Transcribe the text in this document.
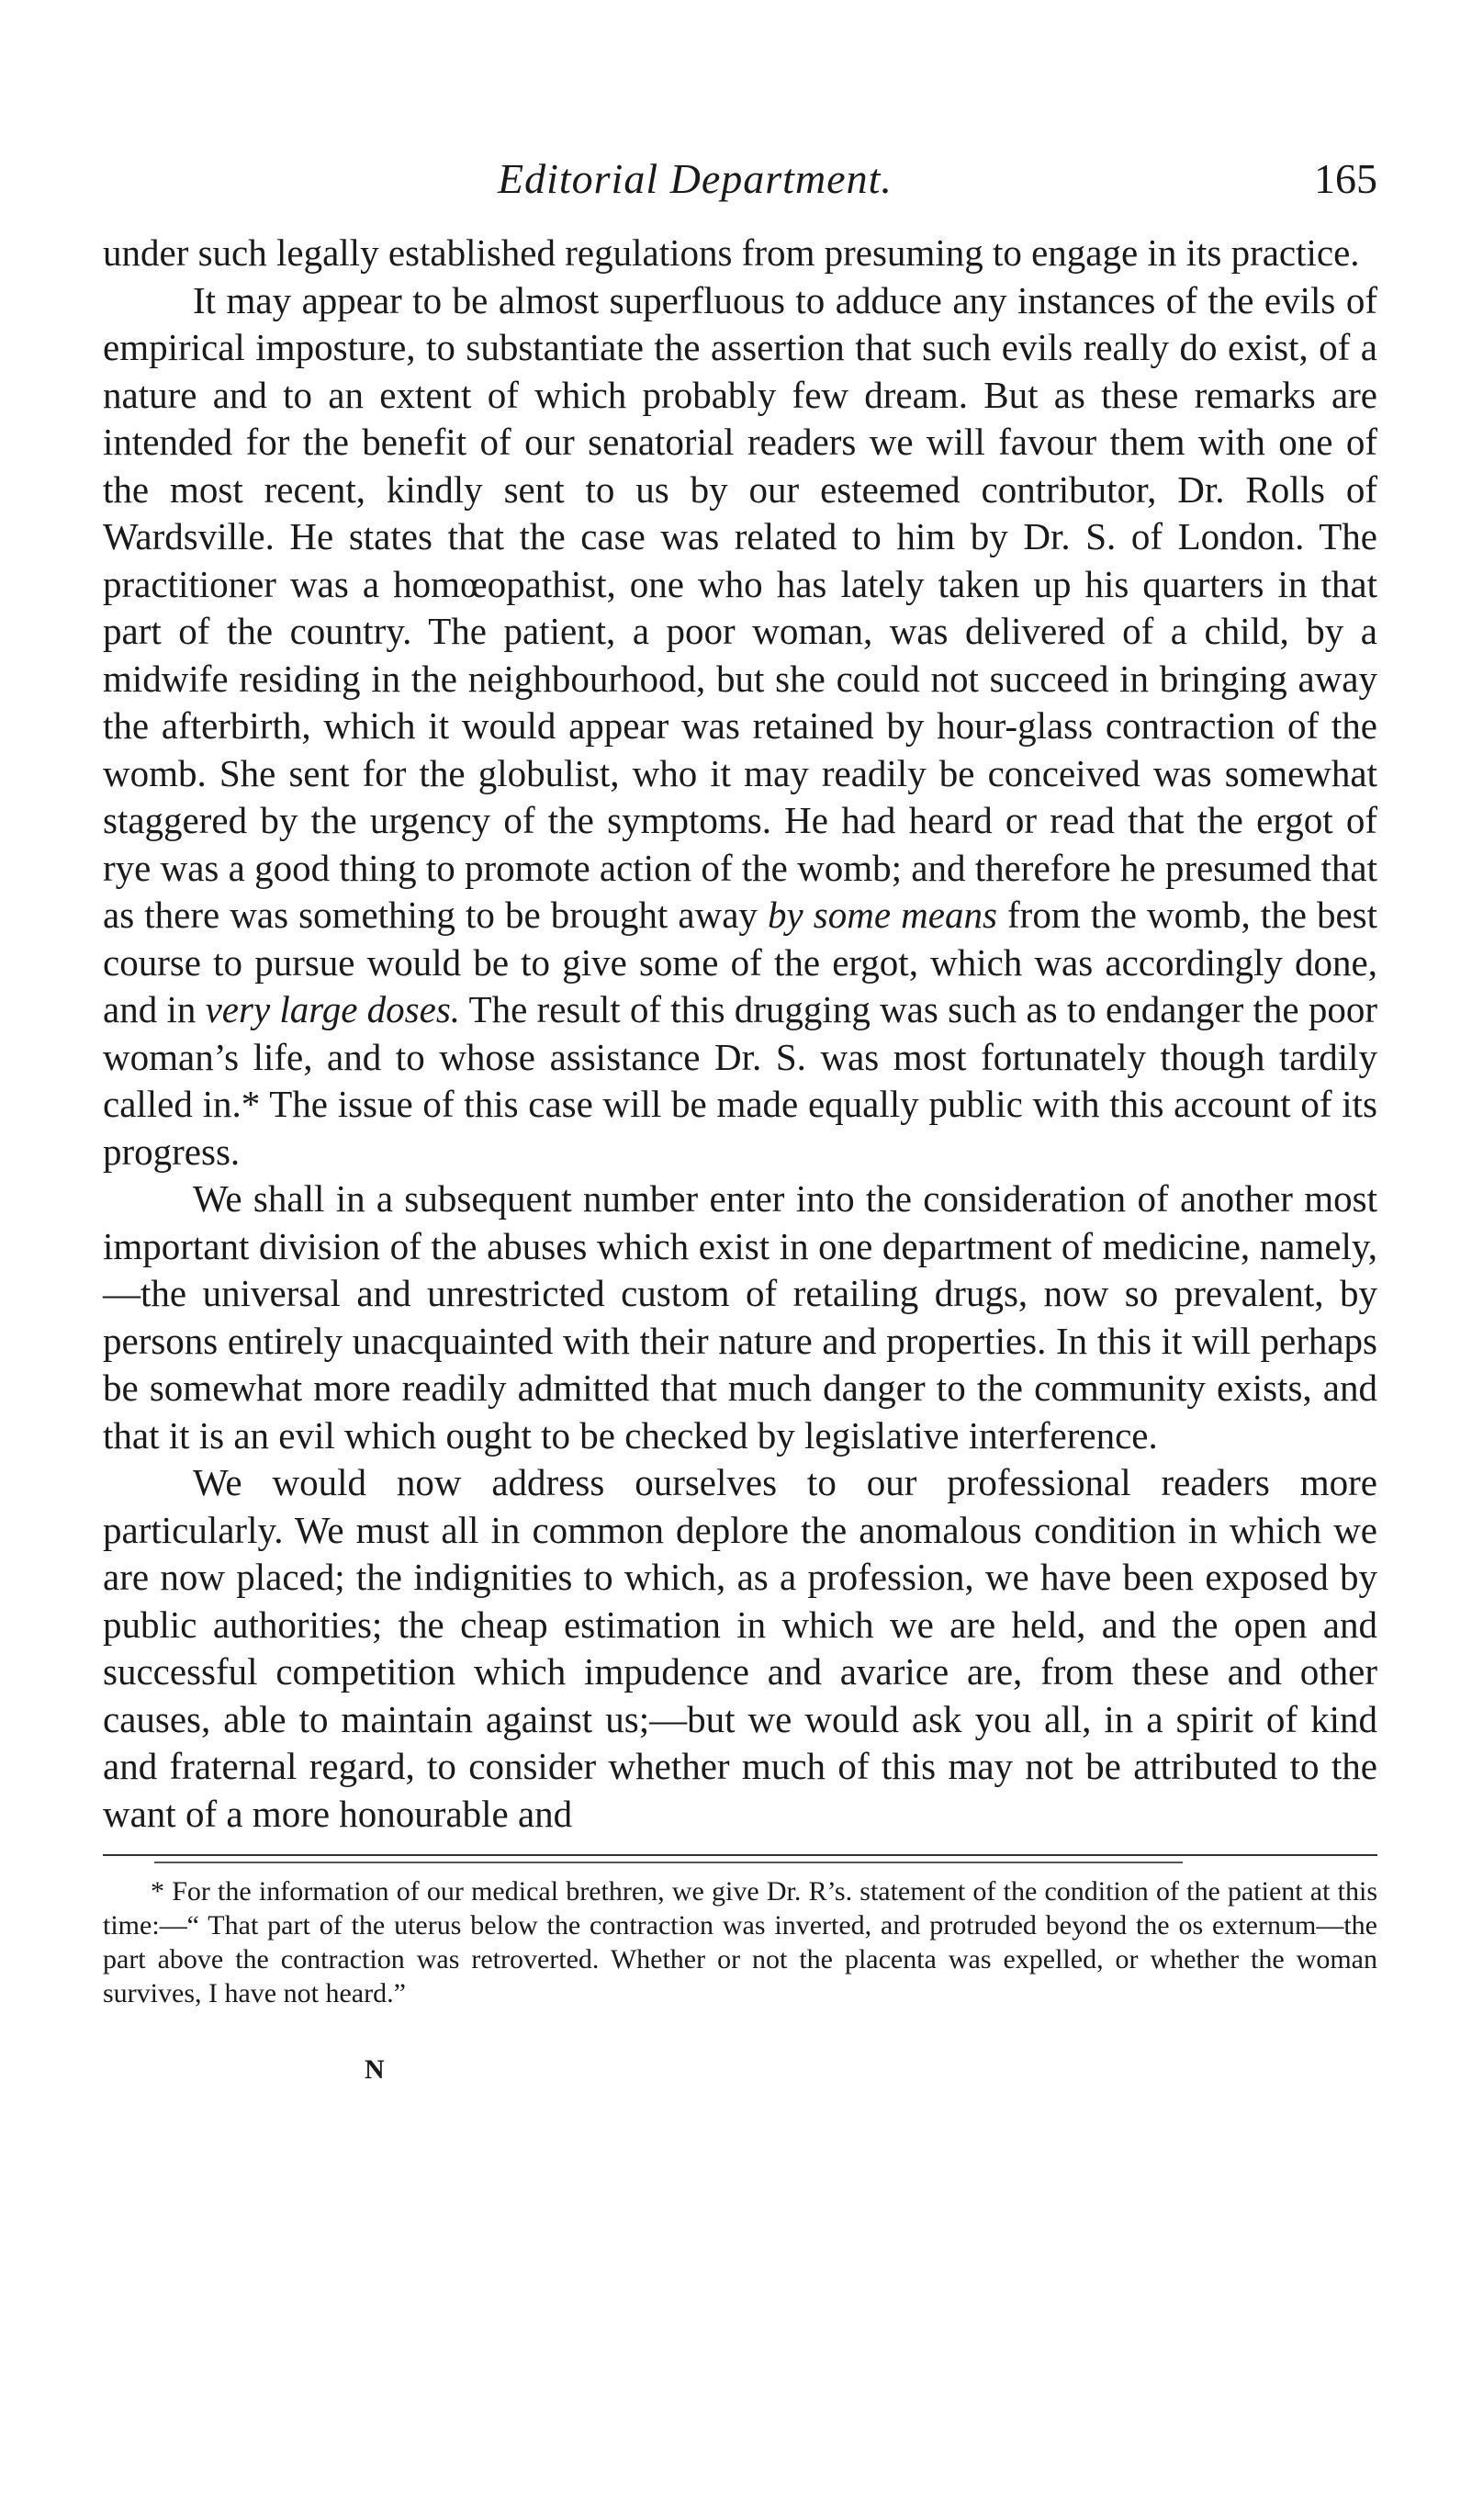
Editorial Department.	165

under such legally established regulations from presuming to engage in its practice.

It may appear to be almost superfluous to adduce any instances of the evils of empirical imposture, to substantiate the assertion that such evils really do exist, of a nature and to an extent of which probably few dream. But as these remarks are intended for the benefit of our senatorial readers we will favour them with one of the most recent, kindly sent to us by our esteemed contributor, Dr. Rolls of Wardsville. He states that the case was related to him by Dr. S. of London. The practitioner was a homœopathist, one who has lately taken up his quarters in that part of the country. The patient, a poor woman, was delivered of a child, by a midwife residing in the neighbourhood, but she could not succeed in bringing away the afterbirth, which it would appear was retained by hour-glass contraction of the womb. She sent for the globulist, who it may readily be conceived was somewhat staggered by the urgency of the symptoms. He had heard or read that the ergot of rye was a good thing to promote action of the womb; and therefore he presumed that as there was something to be brought away by some means from the womb, the best course to pursue would be to give some of the ergot, which was accordingly done, and in very large doses. The result of this drugging was such as to endanger the poor woman’s life, and to whose assistance Dr. S. was most fortunately though tardily called in.* The issue of this case will be made equally public with this account of its progress.

We shall in a subsequent number enter into the consideration of another most important division of the abuses which exist in one department of medicine, namely,—the universal and unrestricted custom of retailing drugs, now so prevalent, by persons entirely unacquainted with their nature and properties. In this it will perhaps be somewhat more readily admitted that much danger to the community exists, and that it is an evil which ought to be checked by legislative interference.

We would now address ourselves to our professional readers more particularly. We must all in common deplore the anomalous condition in which we are now placed; the indignities to which, as a profession, we have been exposed by public authorities; the cheap estimation in which we are held, and the open and successful competition which impudence and avarice are, from these and other causes, able to maintain against us;—but we would ask you all, in a spirit of kind and fraternal regard, to consider whether much of this may not be attributed to the want of a more honourable and

* For the information of our medical brethren, we give Dr. R’s. statement of the condition of the patient at this time:—“ That part of the uterus below the contraction was inverted, and protruded beyond the os externum—the part above the contraction was retroverted. Whether or not the placenta was expelled, or whether the woman survives, I have not heard.”

N
